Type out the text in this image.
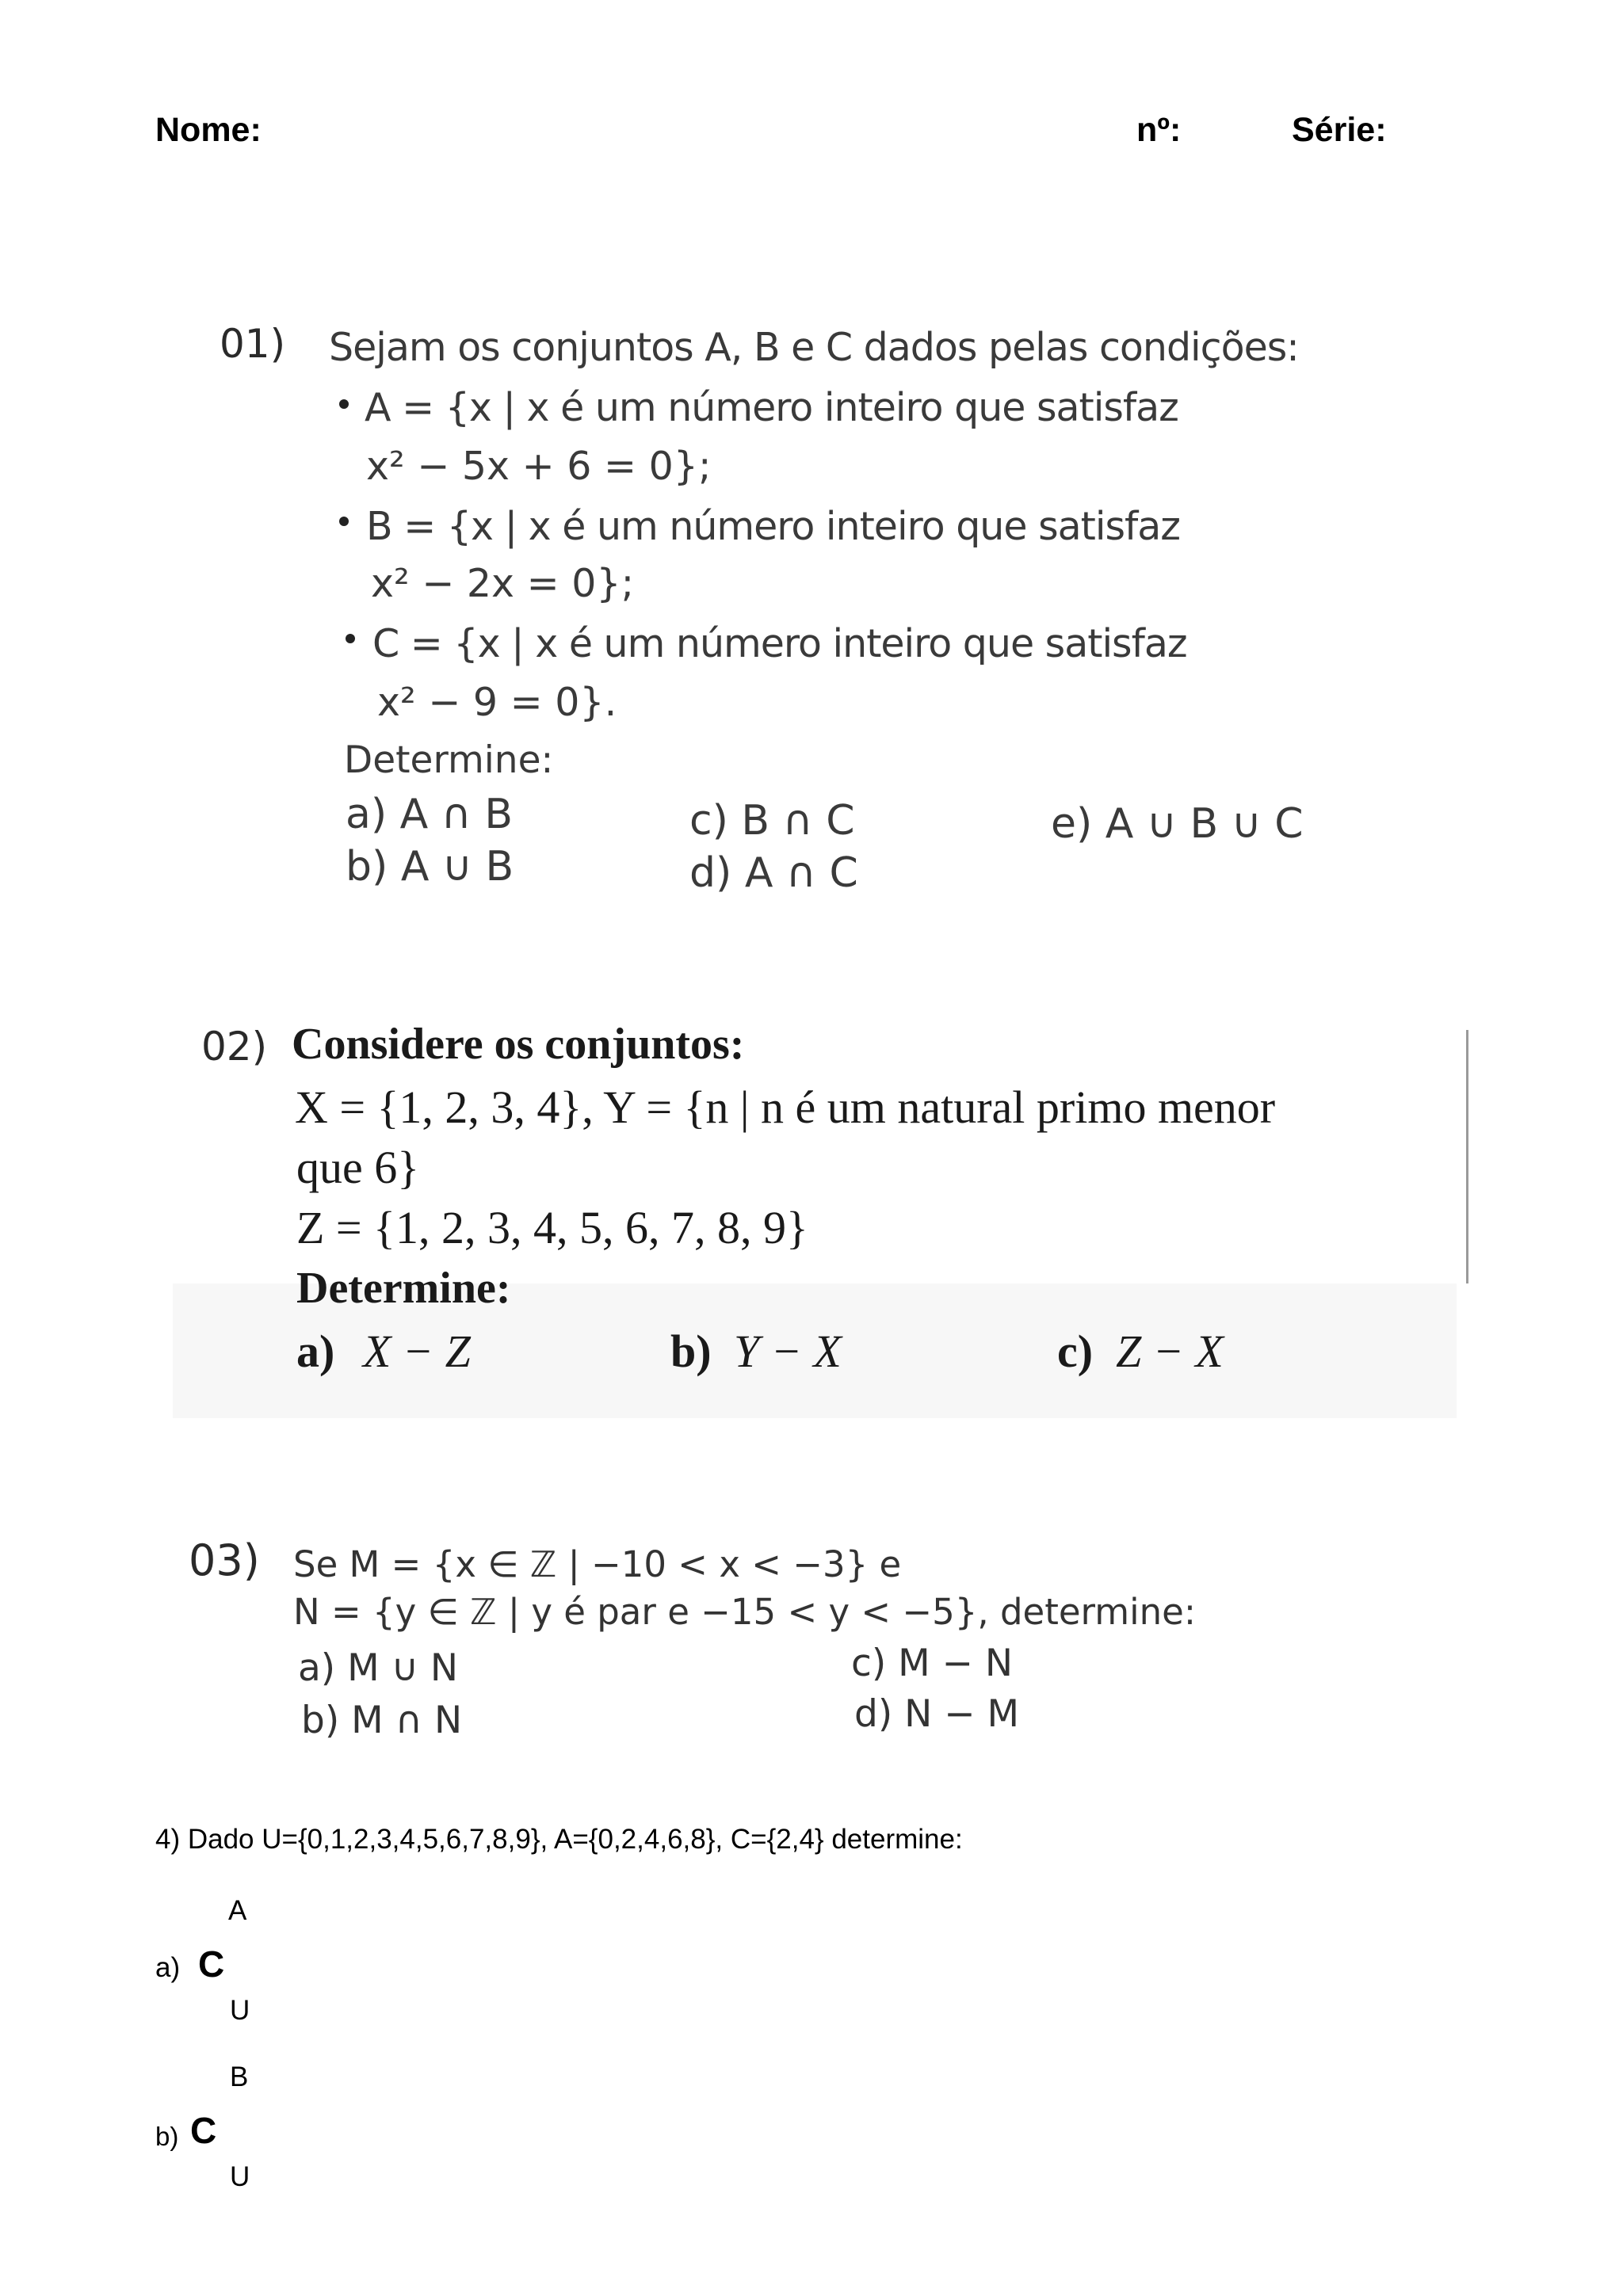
Nome:	nº:	Série:
01) Sejam os conjuntos A, B e C dados pelas condições:
A = {x | x é um número inteiro que satisfaz
x² − 5x + 6 = 0};
B = {x | x é um número inteiro que satisfaz
x² − 2x = 0};
C = {x | x é um número inteiro que satisfaz
x² − 9 = 0}.
Determine:
a) A ∩ B
b) A ∪ B
c) B ∩ C
d) A ∩ C
e) A ∪ B ∪ C
02) Considere os conjuntos:
X = {1, 2, 3, 4}, Y = {n | n é um natural primo menor
que 6}
Z = {1, 2, 3, 4, 5, 6, 7, 8, 9}
Determine:
a) X − Z	b) Y − X	c) Z − X
03) Se M = {x ∈ ℤ | −10 < x < −3} e
N = {y ∈ ℤ | y é par e −15 < y < −5}, determine:
a) M ∪ N
b) M ∩ N
c) M − N
d) N − M
4) Dado U={0,1,2,3,4,5,6,7,8,9}, A={0,2,4,6,8}, C={2,4} determine:
A
a) C
U
B
b) C
U
